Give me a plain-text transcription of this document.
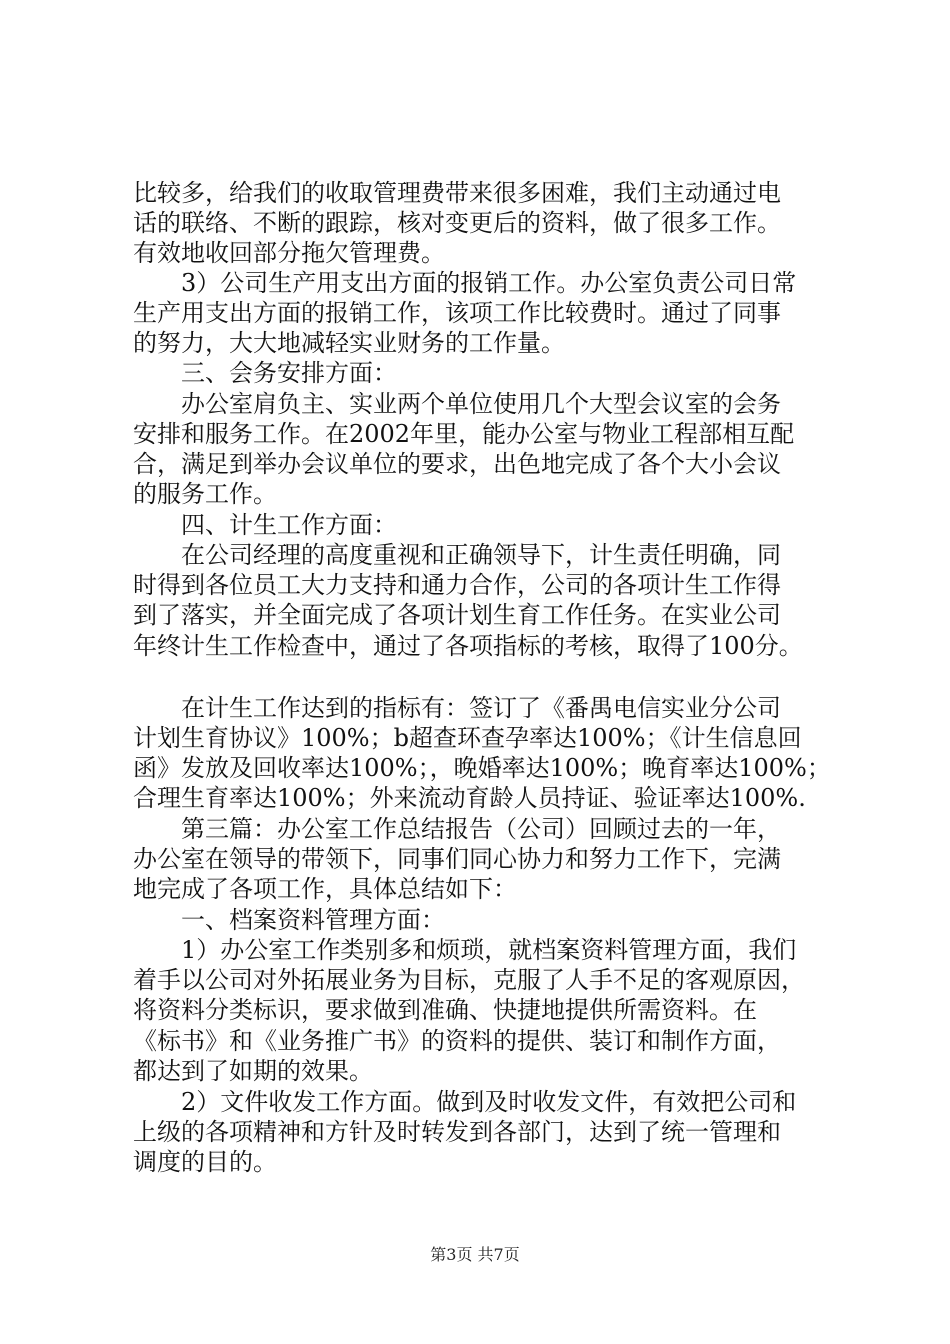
比较多，给我们的收取管理费带来很多困难，我们主动通过电
话的联络、不断的跟踪，核对变更后的资料，做了很多工作。
有效地收回部分拖欠管理费。
3）公司生产用支出方面的报销工作。办公室负责公司日常
生产用支出方面的报销工作，该项工作比较费时。通过了同事
的努力，大大地减轻实业财务的工作量。
三、会务安排方面：
办公室肩负主、实业两个单位使用几个大型会议室的会务
安排和服务工作。在2002年里，能办公室与物业工程部相互配
合，满足到举办会议单位的要求，出色地完成了各个大小会议
的服务工作。
四、计生工作方面：
在公司经理的高度重视和正确领导下，计生责任明确，同
时得到各位员工大力支持和通力合作，公司的各项计生工作得
到了落实，并全面完成了各项计划生育工作任务。在实业公司
年终计生工作检查中，通过了各项指标的考核，取得了100分。
在计生工作达到的指标有：签订了《番禺电信实业分公司
计划生育协议》100%；b超查环查孕率达100%；《计生信息回
函》发放及回收率达100%；，晚婚率达100%；晚育率达100%；
合理生育率达100%；外来流动育龄人员持证、验证率达100%.
第三篇：办公室工作总结报告（公司）回顾过去的一年，
办公室在领导的带领下，同事们同心协力和努力工作下，完满
地完成了各项工作，具体总结如下：
一、档案资料管理方面：
1）办公室工作类别多和烦琐，就档案资料管理方面，我们
着手以公司对外拓展业务为目标，克服了人手不足的客观原因，
将资料分类标识，要求做到准确、快捷地提供所需资料。在
《标书》和《业务推广书》的资料的提供、装订和制作方面，
都达到了如期的效果。
2）文件收发工作方面。做到及时收发文件，有效把公司和
上级的各项精神和方针及时转发到各部门，达到了统一管理和
调度的目的。
第3页 共7页
